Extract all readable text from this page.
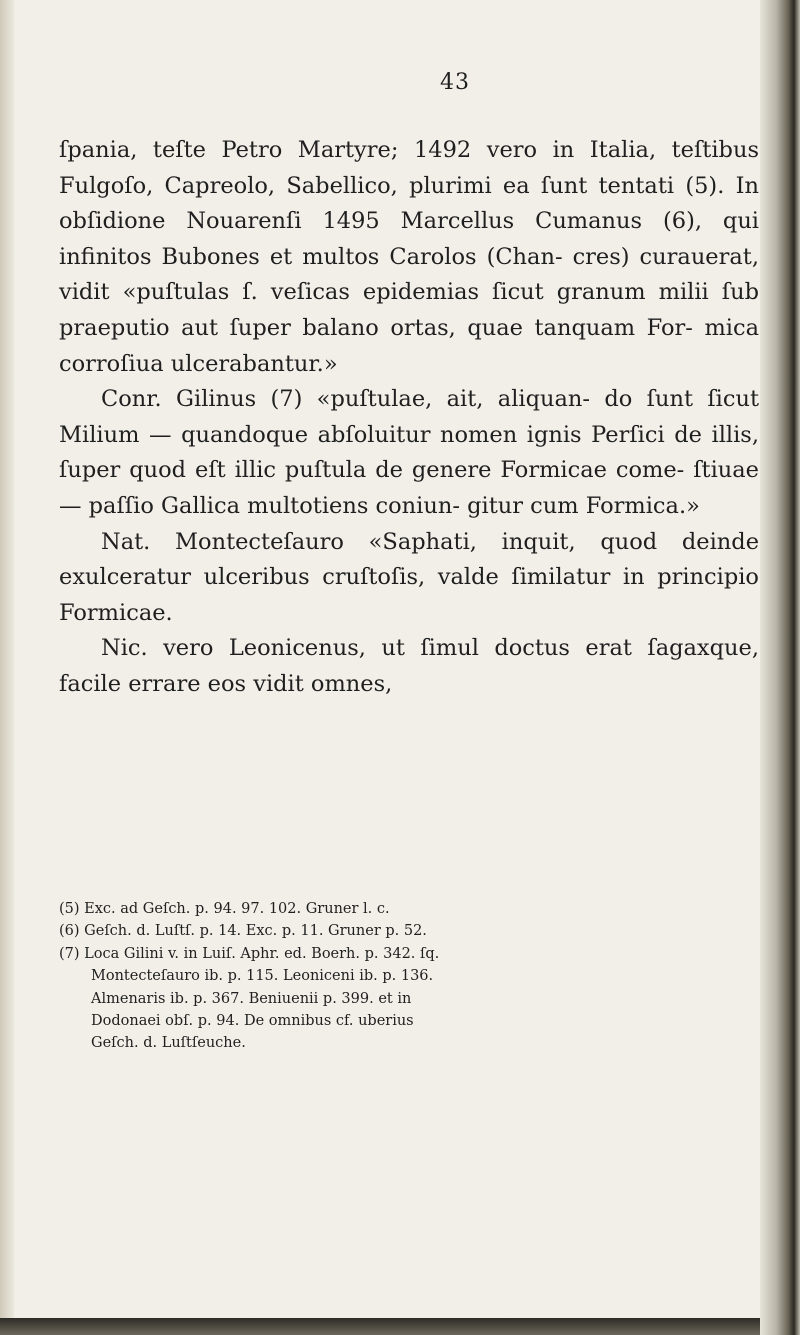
43

ſpania, teſte Petro Martyre; 1492 vero in Italia, teſtibus Fulgoſo, Capreolo, Sabellico, plurimi ea ſunt tentati (5). In obſidione Nouarenſi 1495 Marcellus Cumanus (6), qui infinitos Bubones et multos Carolos (Chan- cres) curauerat, vidit «puſtulas ſ. veſicas epidemias ſicut granum milii ſub praeputio aut ſuper balano ortas, quae tanquam For- mica corroſiua ulcerabantur.»

Conr. Gilinus (7) «puſtulae, ait, aliquan- do ſunt ſicut Milium — quandoque abſoluitur nomen ignis Perſici de illis, ſuper quod eſt illic puſtula de genere Formicae come- ſtiuae — paſſio Gallica multotiens coniun- gitur cum Formica.»

Nat. Montecteſauro «Saphati, inquit, quod deinde exulceratur ulceribus cruſtoſis, valde ſimilatur in principio Formicae.

Nic. vero Leonicenus, ut ſimul doctus erat ſagaxque, facile errare eos vidit omnes,

(5) Exc. ad Geſch. p. 94. 97. 102. Gruner l. c.
(6) Geſch. d. Luſtſ. p. 14. Exc. p. 11. Gruner p. 52.
(7) Loca Gilini v. in Luiſ. Aphr. ed. Boerh. p. 342. ſq.
Montecteſauro ib. p. 115. Leoniceni ib. p. 136.
Almenaris ib. p. 367. Beniuenii p. 399. et in
Dodonaei obſ. p. 94. De omnibus cf. uberius
Geſch. d. Luſtſeuche.
